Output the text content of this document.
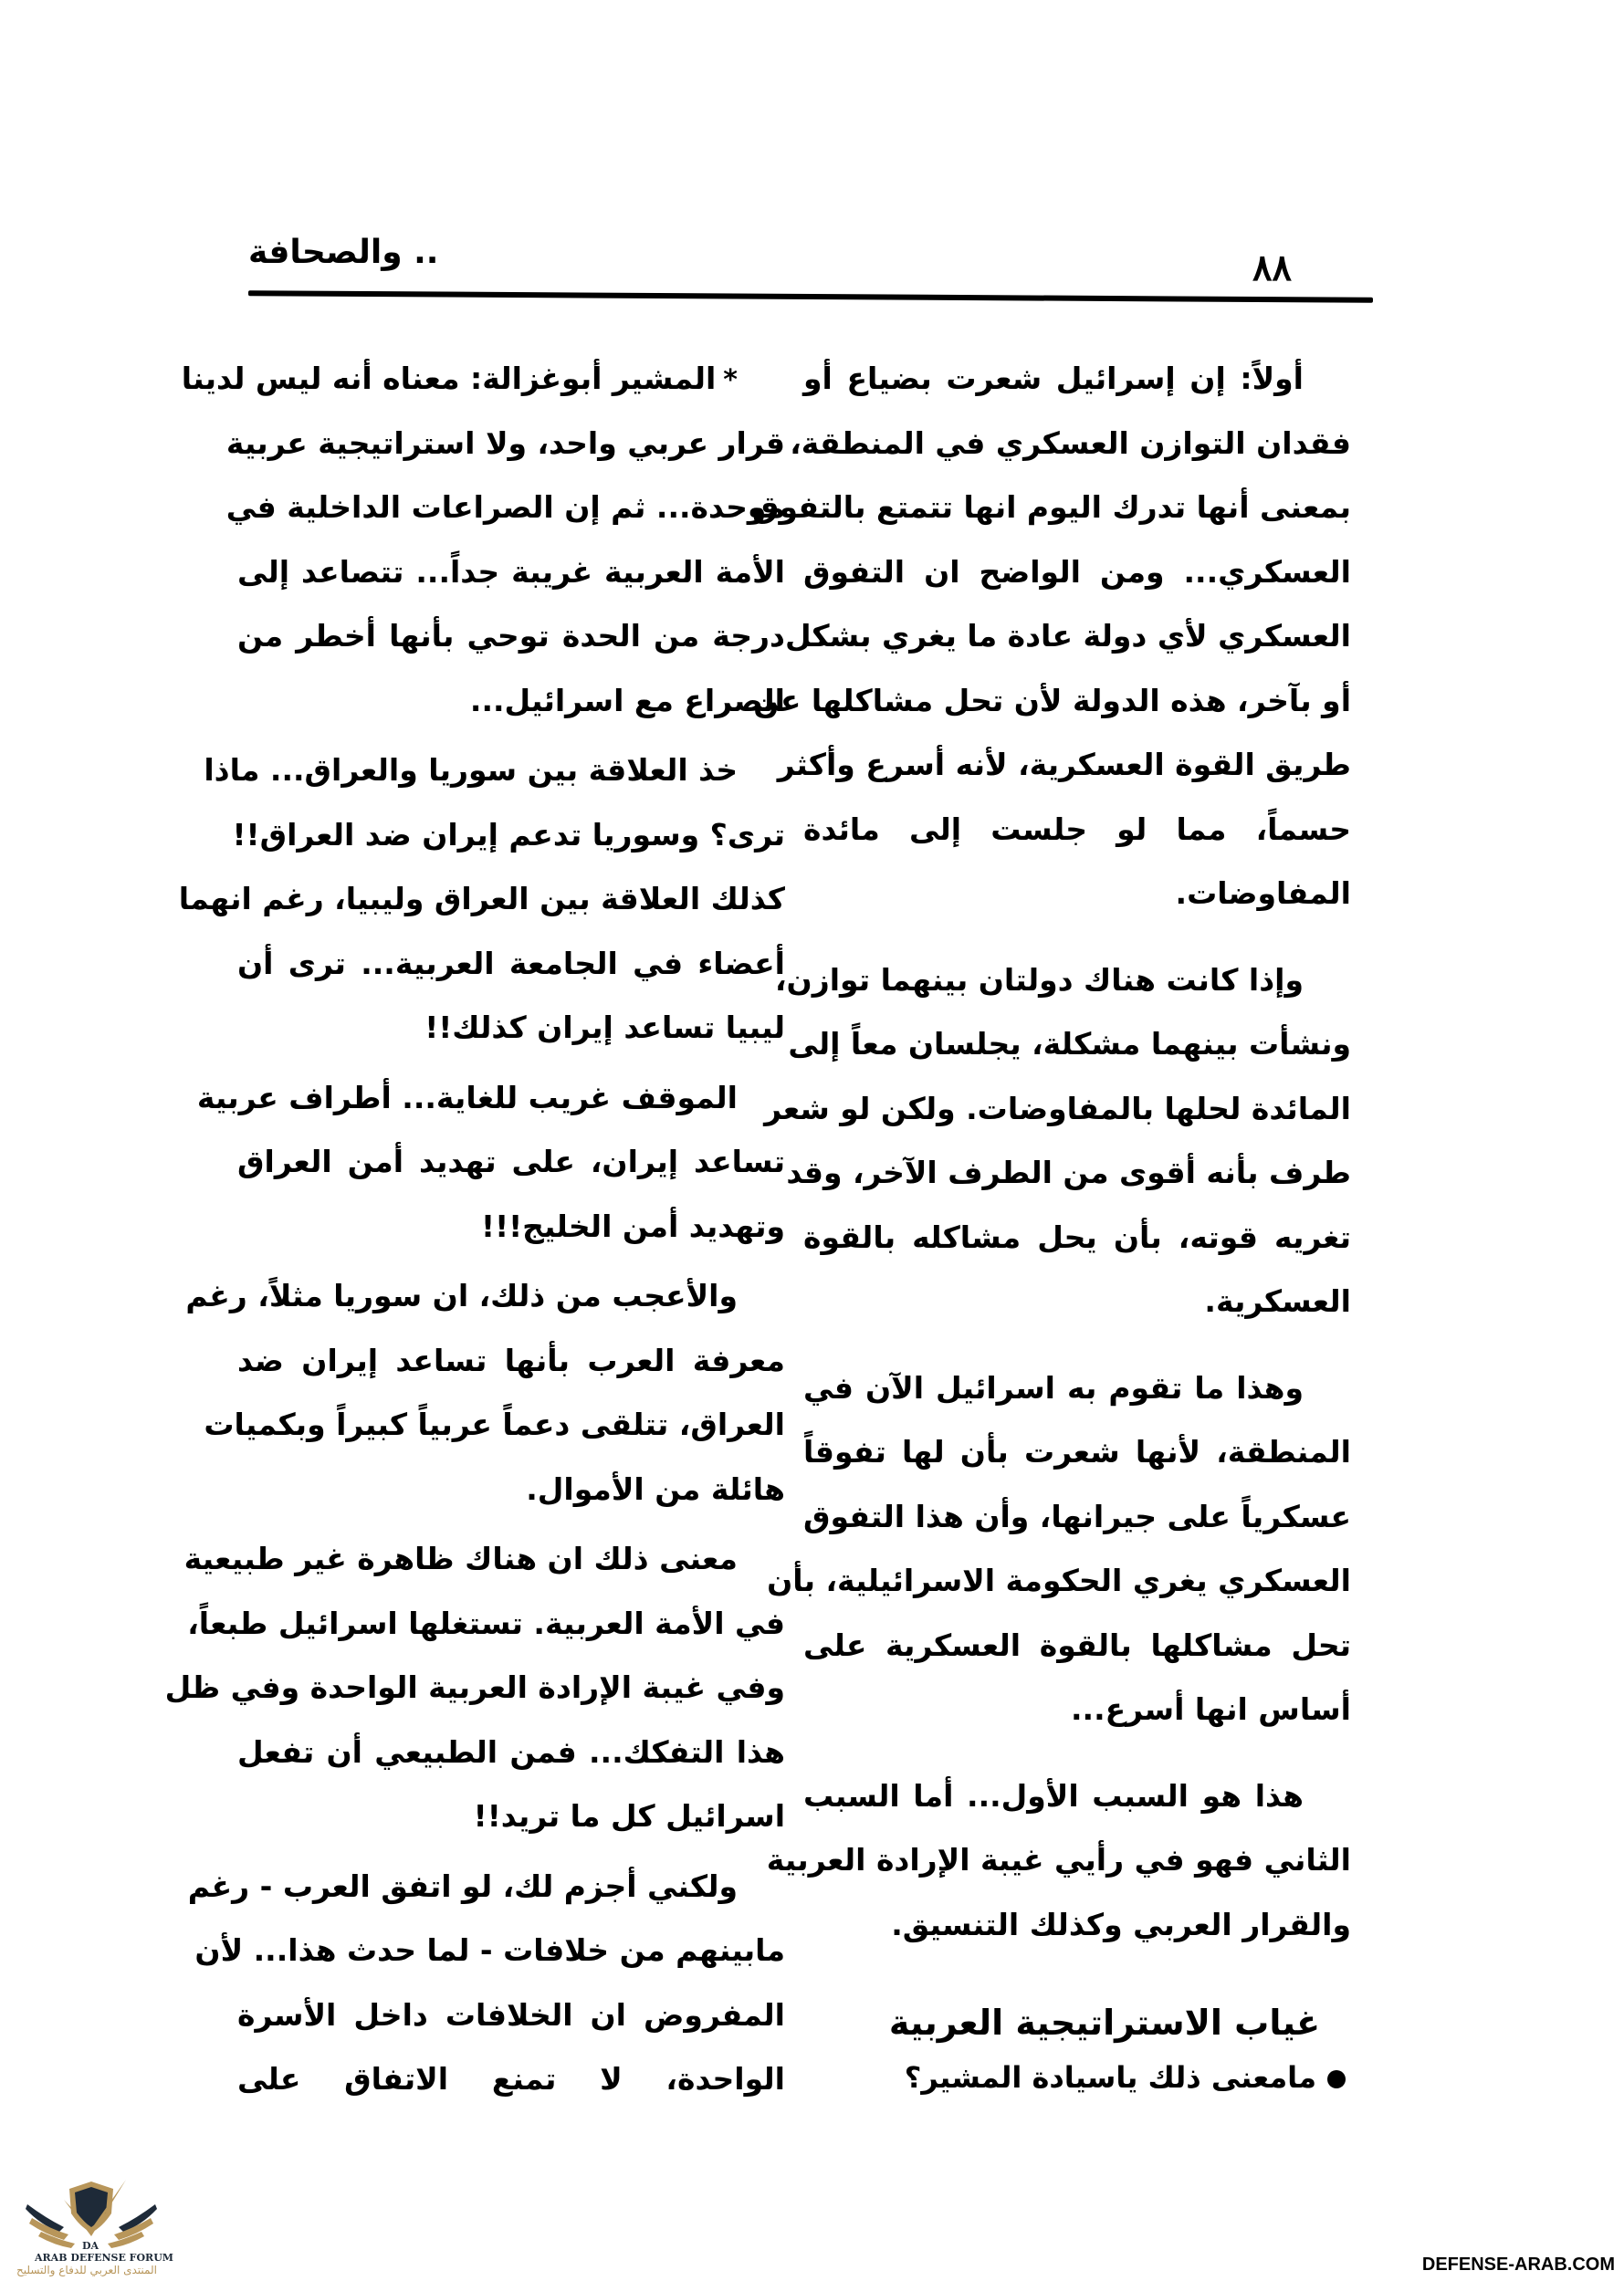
٨٨
.. والصحافة
أولاً: إن إسرائيل شعرت بضياع أو
فقدان التوازن العسكري في المنطقة،
بمعنى أنها تدرك اليوم انها تتمتع بالتفوق
العسكري... ومن الواضح ان التفوق
العسكري لأي دولة عادة ما يغري بشكل
أو بآخر، هذه الدولة لأن تحل مشاكلها عن
طريق القوة العسكرية، لأنه أسرع وأكثر
حسماً، مما لو جلست إلى مائدة
المفاوضات.
وإذا كانت هناك دولتان بينهما توازن،
ونشأت بينهما مشكلة، يجلسان معاً إلى
المائدة لحلها بالمفاوضات. ولكن لو شعر
طرف بأنه أقوى من الطرف الآخر، وقد
تغريه قوته، بأن يحل مشاكله بالقوة
العسكرية.
وهذا ما تقوم به اسرائيل الآن في
المنطقة، لأنها شعرت بأن لها تفوقاً
عسكرياً على جيرانها، وأن هذا التفوق
العسكري يغري الحكومة الاسرائيلية، بأن
تحل مشاكلها بالقوة العسكرية على
أساس انها أسرع...
هذا هو السبب الأول... أما السبب
الثاني فهو في رأيي غيبة الإرادة العربية
والقرار العربي وكذلك التنسيق.
غياب الاستراتيجية العربية
مامعنى ذلك ياسيادة المشير؟
*المشير أبوغزالة: معناه أنه ليس لدينا
قرار عربي واحد، ولا استراتيجية عربية
موحدة... ثم إن الصراعات الداخلية في
الأمة العربية غريبة جداً... تتصاعد إلى
درجة من الحدة توحي بأنها أخطر من
الصراع مع اسرائيل...
خذ العلاقة بين سوريا والعراق... ماذا
ترى؟ وسوريا تدعم إيران ضد العراق!!
كذلك العلاقة بين العراق وليبيا، رغم انهما
أعضاء في الجامعة العربية... ترى أن
ليبيا تساعد إيران كذلك!!
الموقف غريب للغاية... أطراف عربية
تساعد إيران، على تهديد أمن العراق
وتهديد أمن الخليج!!!
والأعجب من ذلك، ان سوريا مثلاً، رغم
معرفة العرب بأنها تساعد إيران ضد
العراق، تتلقى دعماً عربياً كبيراً وبكميات
هائلة من الأموال.
معنى ذلك ان هناك ظاهرة غير طبيعية
في الأمة العربية. تستغلها اسرائيل طبعاً،
وفي غيبة الإرادة العربية الواحدة وفي ظل
هذا التفكك... فمن الطبيعي أن تفعل
اسرائيل كل ما تريد!!
ولكني أجزم لك، لو اتفق العرب - رغم
مابينهم من خلافات - لما حدث هذا... لأن
المفروض ان الخلافات داخل الأسرة
الواحدة، لا تمنع الاتفاق على
DA
ARAB DEFENSE FORUM
المنتدى العربي للدفاع والتسليح	DEFENSE-ARAB.COM
